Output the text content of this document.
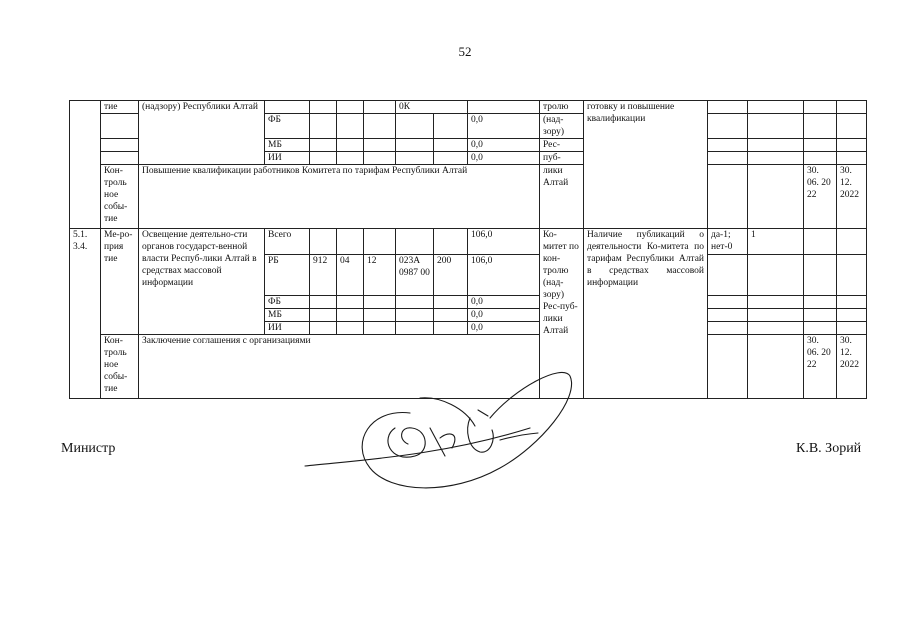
52
	тие	(надзору) Республики Алтай					0К			тролю	готовку и повышение квалификации				
			ФБ						0,0	(над-зору)					
			МБ						0,0	Рес-					
			ИИ						0,0	пуб-					
	Кон-троль ное собы-тие	Повышение квалификации работников Комитета по тарифам Республики Алтай								лики Алтай				30. 06. 20 22	30. 12. 2022
5.1. 3.4.	Ме-ро-прия тие	Освещение деятельно-сти органов государст-венной власти Респуб-лики Алтай в средствах массовой информации	Всего						106,0	Ко-митет по кон-тролю (над-зору) Рес-пуб-лики Алтай	Наличие публикаций о деятельности Ко-митета по тарифам Республики Алтай в средствах массовой информации	да-1; нет-0	1		
			РБ	912	04	12	023А 0987 00	200	106,0						
			ФБ						0,0						
			МБ						0,0						
			ИИ						0,0						
	Кон-троль ное собы-тие	Заключение соглашения с организациями												30. 06. 20 22	30. 12. 2022
Министр	К.В. Зорий
